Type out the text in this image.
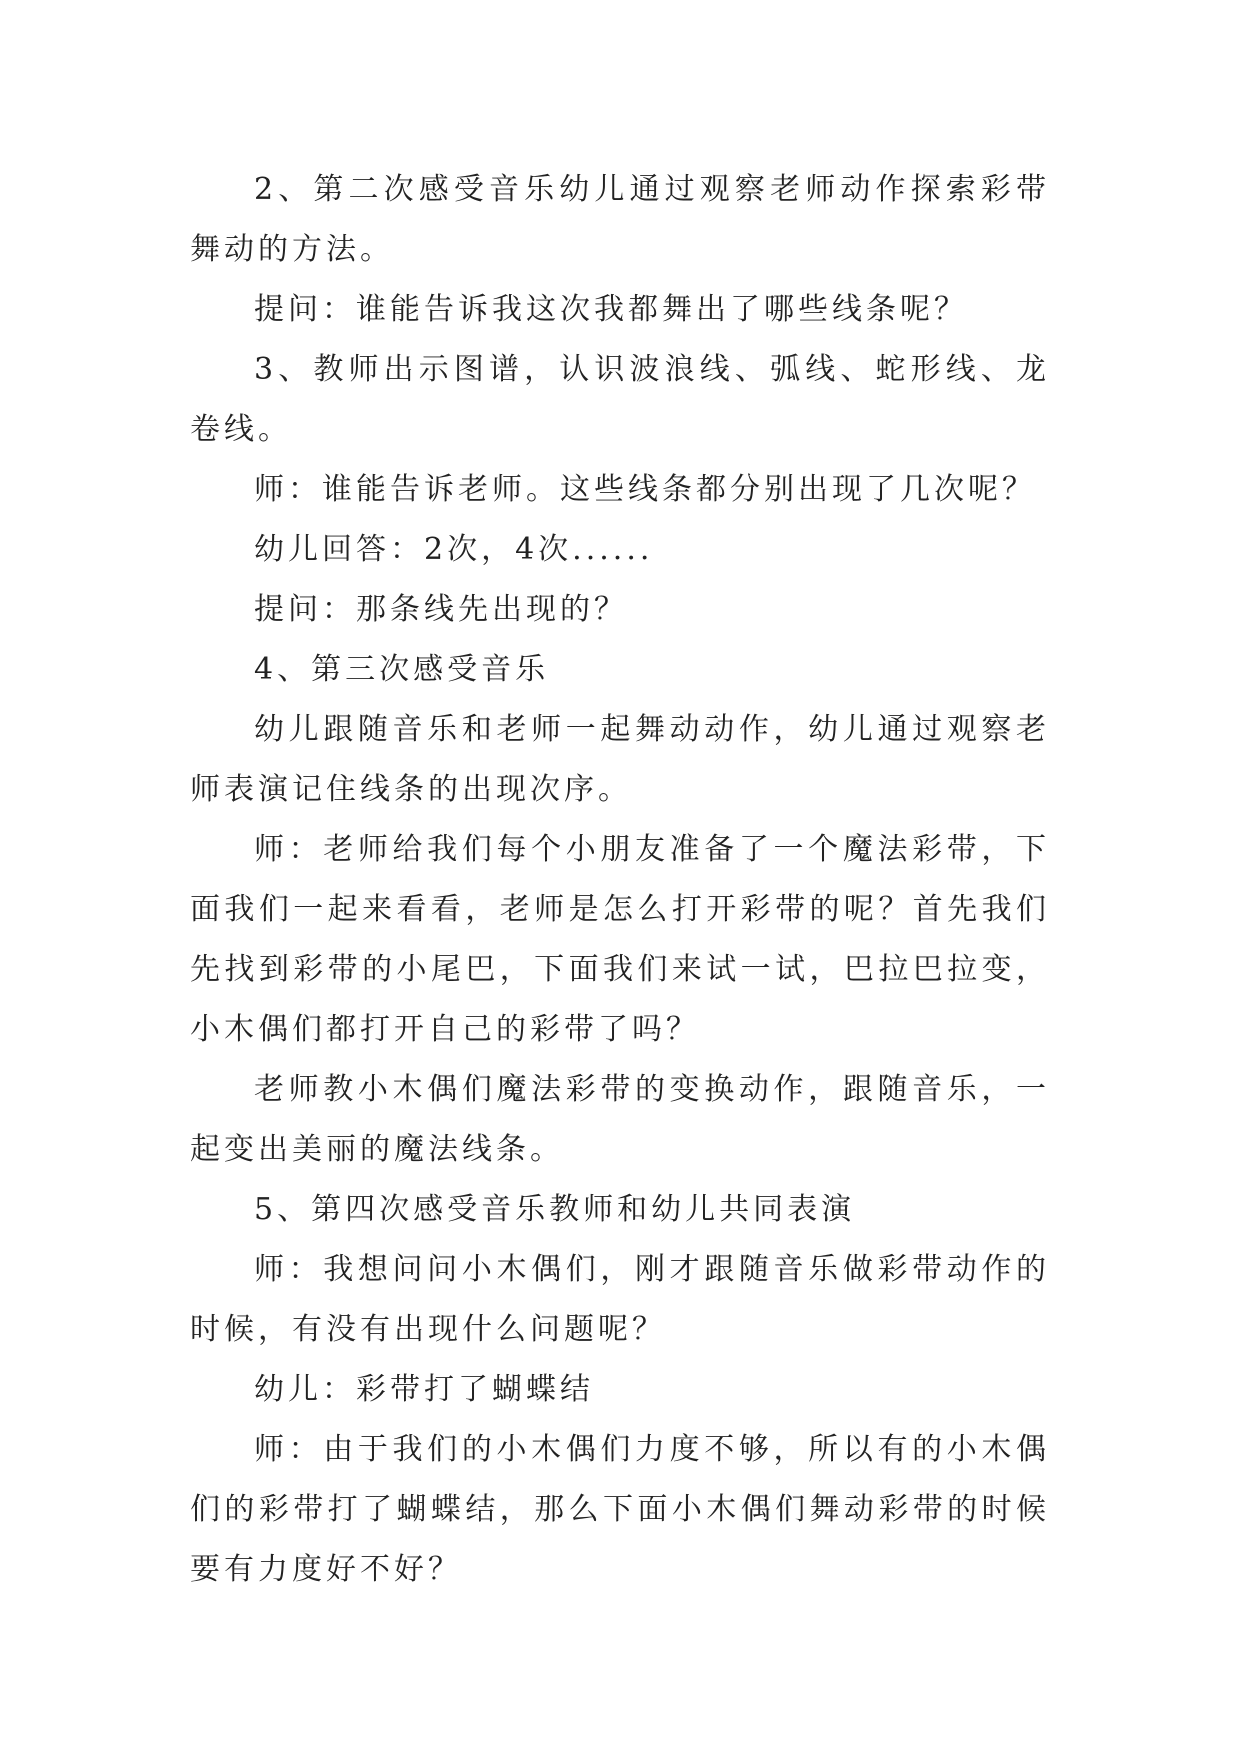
2、第二次感受音乐幼儿通过观察老师动作探索彩带舞动的方法。

提问：谁能告诉我这次我都舞出了哪些线条呢？

3、教师出示图谱，认识波浪线、弧线、蛇形线、龙卷线。

师：谁能告诉老师。这些线条都分别出现了几次呢？

幼儿回答：2次，4次......

提问：那条线先出现的？

4、第三次感受音乐

幼儿跟随音乐和老师一起舞动动作，幼儿通过观察老师表演记住线条的出现次序。

师：老师给我们每个小朋友准备了一个魔法彩带，下面我们一起来看看，老师是怎么打开彩带的呢？首先我们先找到彩带的小尾巴，下面我们来试一试，巴拉巴拉变，小木偶们都打开自己的彩带了吗？

老师教小木偶们魔法彩带的变换动作，跟随音乐，一起变出美丽的魔法线条。

5、第四次感受音乐教师和幼儿共同表演

师：我想问问小木偶们，刚才跟随音乐做彩带动作的时候，有没有出现什么问题呢？

幼儿：彩带打了蝴蝶结

师：由于我们的小木偶们力度不够，所以有的小木偶们的彩带打了蝴蝶结，那么下面小木偶们舞动彩带的时候要有力度好不好？
